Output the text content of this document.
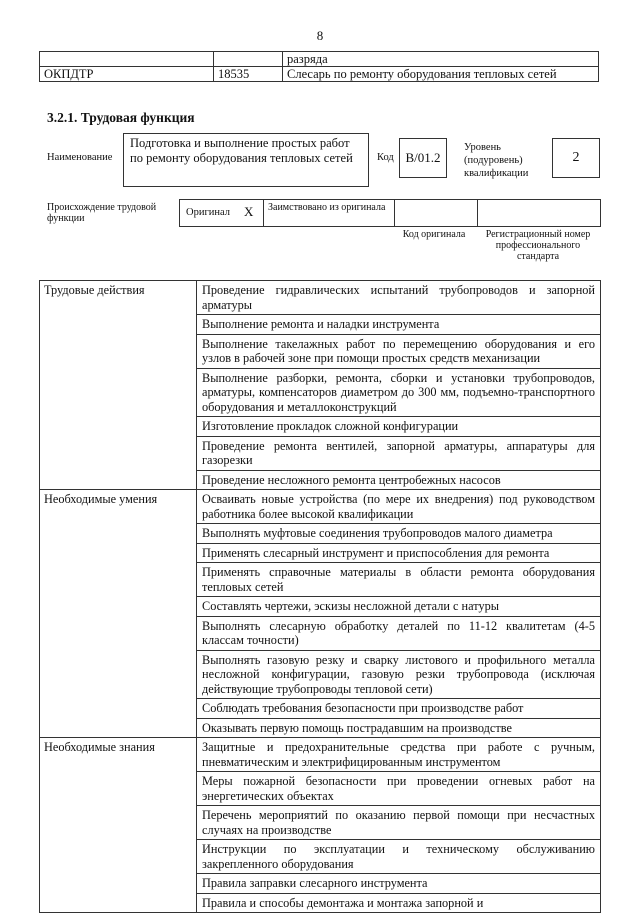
8
		разряда
ОКПДТР	18535	Слесарь по ремонту оборудования тепловых сетей
3.2.1. Трудовая функция
Наименование
Подготовка и выполнение простых работ по ремонту оборудования тепловых сетей	Код B/01.2
Уровень (подуровень) квалификации
2
Происхождение трудовой функции
Оригинал X Заимствовано из оригинала
Код оригинала	Регистрационный номер профессионального стандарта
Трудовые действия	Проведение гидравлических испытаний трубопроводов и запорной арматуры
	Выполнение ремонта и наладки инструмента
	Выполнение такелажных работ по перемещению оборудования и его узлов в рабочей зоне при помощи простых средств механизации
	Выполнение разборки, ремонта, сборки и установки трубопроводов, арматуры, компенсаторов диаметром до 300 мм, подъемно-транспортного оборудования и металлоконструкций
	Изготовление прокладок сложной конфигурации
	Проведение ремонта вентилей, запорной арматуры, аппаратуры для газорезки
	Проведение несложного ремонта центробежных насосов
Необходимые умения	Осваивать новые устройства (по мере их внедрения) под руководством работника более высокой квалификации
	Выполнять муфтовые соединения трубопроводов малого диаметра
	Применять слесарный инструмент и приспособления для ремонта
	Применять справочные материалы в области ремонта оборудования тепловых сетей
	Составлять чертежи, эскизы несложной детали с натуры
	Выполнять слесарную обработку деталей по 11-12 квалитетам (4-5 классам точности)
	Выполнять газовую резку и сварку листового и профильного металла несложной конфигурации, газовую резки трубопровода (исключая действующие трубопроводы тепловой сети)
	Соблюдать требования безопасности при производстве работ
	Оказывать первую помощь пострадавшим на производстве
Необходимые знания	Защитные и предохранительные средства при работе с ручным, пневматическим и электрифицированным инструментом
	Меры пожарной безопасности при проведении огневых работ на энергетических объектах
	Перечень мероприятий по оказанию первой помощи при несчастных случаях на производстве
	Инструкции по эксплуатации и техническому обслуживанию закрепленного оборудования
	Правила заправки слесарного инструмента
	Правила и способы демонтажа и монтажа запорной и
